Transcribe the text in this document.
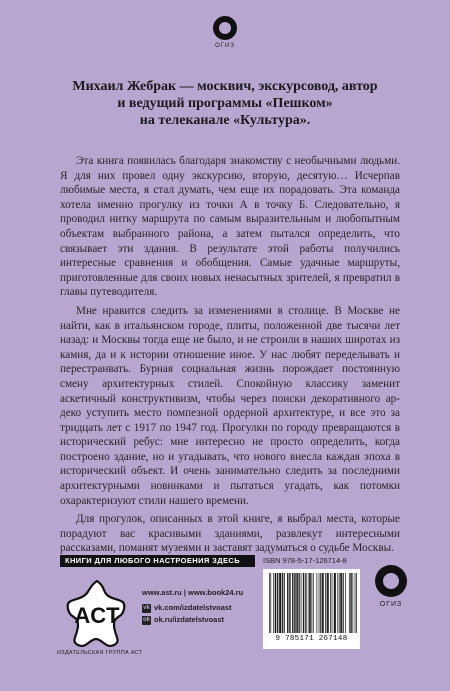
ОГИЗ
Михаил Жебрак — москвич, экскурсовод, автор
и ведущий программы «Пешком»
на телеканале «Культура».

Эта книга появилась благодаря знакомству с необычными людьми. Я для них провел одну экскурсию, вторую, десятую… Исчерпав любимые места, я стал думать, чем еще их порадовать. Эта команда хотела именно прогулку из точки А в точку Б. Следовательно, я проводил нитку маршрута по самым выразительным и любопытным объектам выбранного района, а затем пытался определить, что связывает эти здания. В результате этой работы получились интересные сравнения и обобщения. Самые удачные маршруты, приготовленные для своих новых ненасытных зрителей, я превратил в главы путеводителя.

Мне нравится следить за изменениями в столице. В Москве не найти, как в итальянском городе, плиты, положенной две тысячи лет назад: и Москвы тогда еще не было, и не строили в наших широтах из камня, да и к истории отношение иное. У нас любят переделывать и перестраивать. Бурная социальная жизнь порождает постоянную смену архитектурных стилей. Спокойную классику заменит аскетичный конструктивизм, чтобы через поиски декоративного ар-деко уступить место помпезной ордерной архитектуре, и все это за тридцать лет с 1917 по 1947 год. Прогулки по городу превращаются в исторический ребус: мне интересно не просто определить, когда построено здание, но и угадывать, что нового внесла каждая эпоха в исторический объект. И очень занимательно следить за последними архитектурными новинками и пытаться угадать, как потомки охарактеризуют стили нашего времени.

Для прогулок, описанных в этой книге, я выбрал места, которые порадуют вас красивыми зданиями, развлекут интересными рассказами, поманят музеями и заставят задуматься о судьбе Москвы.

КНИГИ ДЛЯ ЛЮБОГО НАСТРОЕНИЯ ЗДЕСЬ	ISBN 978-5-17-126714-8
ACT
ИЗДАТЕЛЬСКАЯ ГРУППА АСТ
www.ast.ru | www.book24.ru
vk vk.com/izdatelstvoast
ok ok.ru/izdatelstvoast
9 785171 267148
ОГИЗ
